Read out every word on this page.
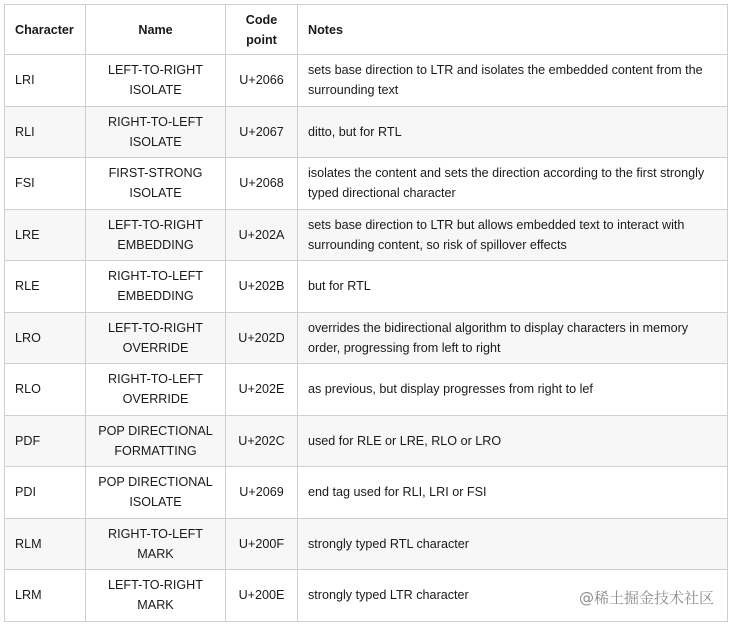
Character	Name	Code point	Notes
LRI	LEFT-TO-RIGHT ISOLATE	U+2066	sets base direction to LTR and isolates the embedded content from the surrounding text
RLI	RIGHT-TO-LEFT ISOLATE	U+2067	ditto, but for RTL
FSI	FIRST-STRONG ISOLATE	U+2068	isolates the content and sets the direction according to the first strongly typed directional character
LRE	LEFT-TO-RIGHT EMBEDDING	U+202A	sets base direction to LTR but allows embedded text to interact with surrounding content, so risk of spillover effects
RLE	RIGHT-TO-LEFT EMBEDDING	U+202B	but for RTL
LRO	LEFT-TO-RIGHT OVERRIDE	U+202D	overrides the bidirectional algorithm to display characters in memory order, progressing from left to right
RLO	RIGHT-TO-LEFT OVERRIDE	U+202E	as previous, but display progresses from right to lef
PDF	POP DIRECTIONAL FORMATTING	U+202C	used for RLE or LRE, RLO or LRO
PDI	POP DIRECTIONAL ISOLATE	U+2069	end tag used for RLI, LRI or FSI
RLM	RIGHT-TO-LEFT MARK	U+200F	strongly typed RTL character
LRM	LEFT-TO-RIGHT MARK	U+200E	strongly typed LTR character	@稀土掘金技术社区
